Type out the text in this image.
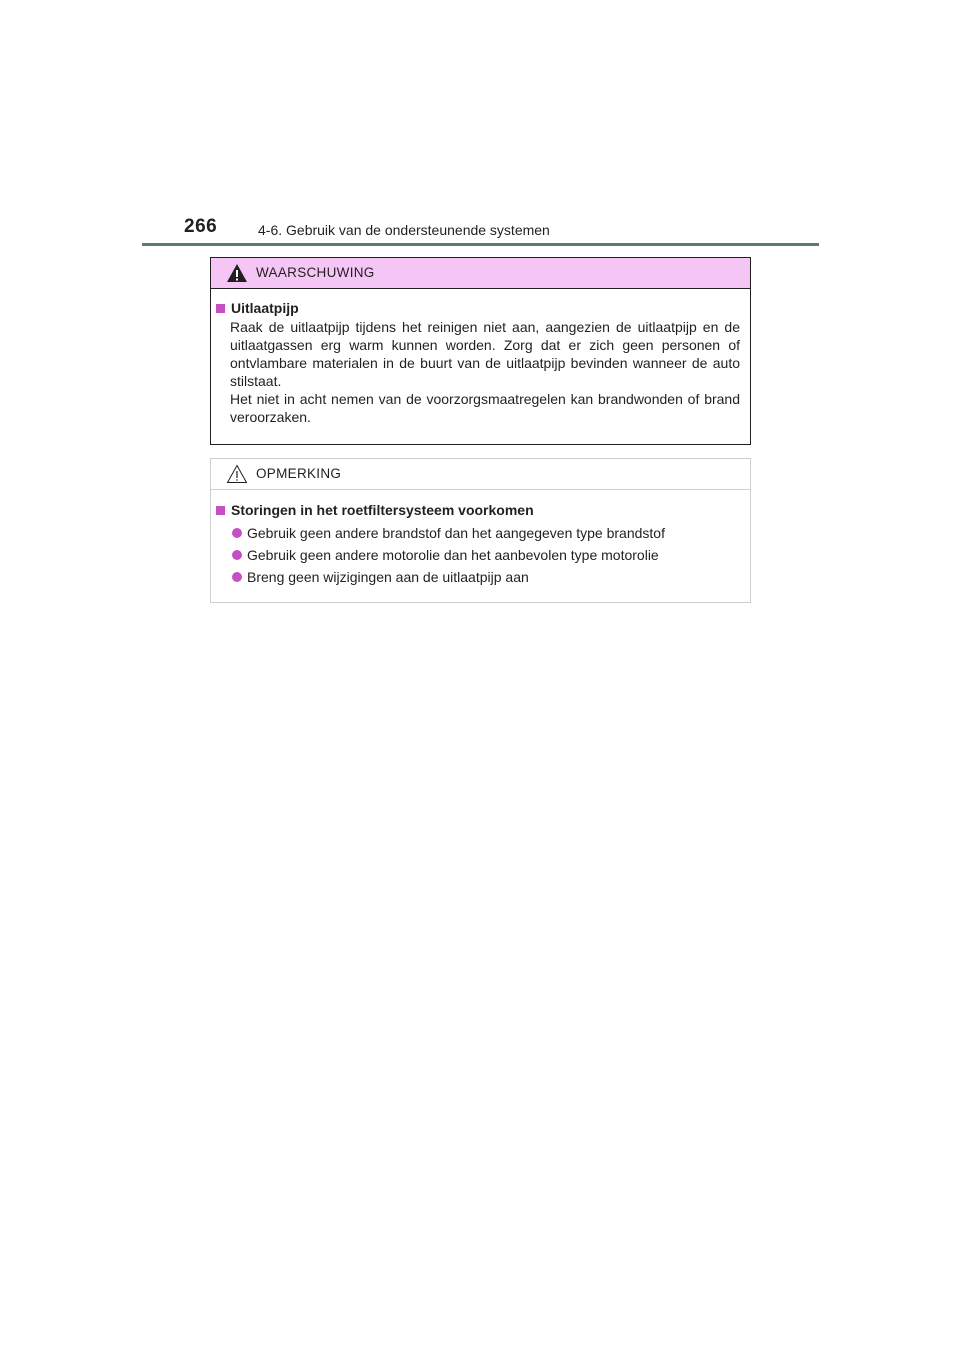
266	4-6. Gebruik van de ondersteunende systemen
WAARSCHUWING
Uitlaatpijp
Raak de uitlaatpijp tijdens het reinigen niet aan, aangezien de uitlaatpijp en de uitlaatgassen erg warm kunnen worden. Zorg dat er zich geen personen of ontvlambare materialen in de buurt van de uitlaatpijp bevinden wanneer de auto stilstaat.
Het niet in acht nemen van de voorzorgsmaatregelen kan brandwonden of brand veroorzaken.
OPMERKING
Storingen in het roetfiltersysteem voorkomen
Gebruik geen andere brandstof dan het aangegeven type brandstof
Gebruik geen andere motorolie dan het aanbevolen type motorolie
Breng geen wijzigingen aan de uitlaatpijp aan
